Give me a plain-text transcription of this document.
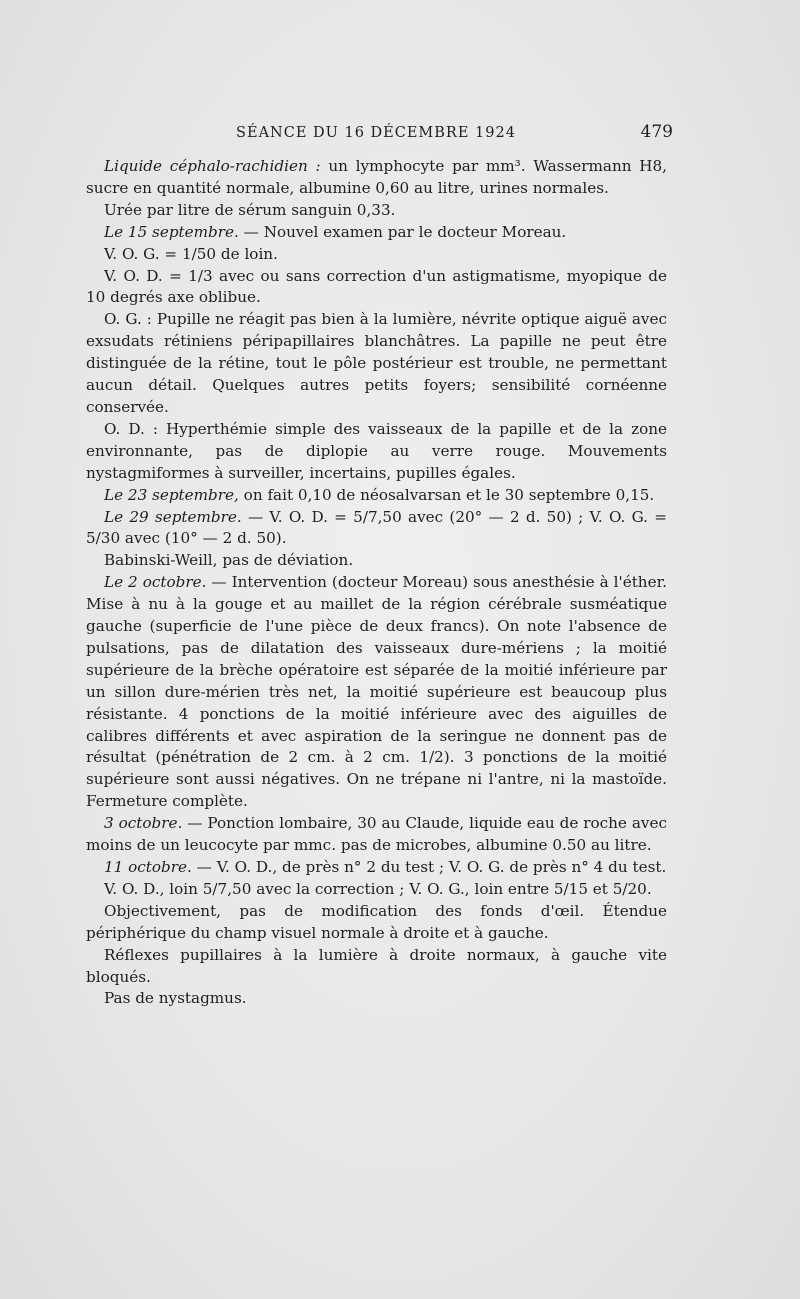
SÉANCE DU 16 DÉCEMBRE 1924	479

Liquide céphalo-rachidien : un lymphocyte par mm³. Wassermann H8, sucre en quantité normale, albumine 0,60 au litre, urines normales.

Urée par litre de sérum sanguin 0,33.

Le 15 septembre. — Nouvel examen par le docteur Moreau.

V. O. G. = 1/50 de loin.

V. O. D. = 1/3 avec ou sans correction d'un astigmatisme, myopique de 10 degrés axe oblibue.

O. G. : Pupille ne réagit pas bien à la lumière, névrite optique aiguë avec exsudats rétiniens péripapillaires blanchâtres. La papille ne peut être distinguée de la rétine, tout le pôle postérieur est trouble, ne permettant aucun détail. Quelques autres petits foyers; sensibilité cornéenne conservée.

O. D. : Hyperthémie simple des vaisseaux de la papille et de la zone environnante, pas de diplopie au verre rouge. Mouvements nystagmiformes à surveiller, incertains, pupilles égales.

Le 23 septembre, on fait 0,10 de néosalvarsan et le 30 septembre 0,15.

Le 29 septembre. — V. O. D. = 5/7,50 avec (20° — 2 d. 50) ; V. O. G. = 5/30 avec (10° — 2 d. 50).

Babinski-Weill, pas de déviation.

Le 2 octobre. — Intervention (docteur Moreau) sous anesthésie à l'éther. Mise à nu à la gouge et au maillet de la région cérébrale susméatique gauche (superficie de l'une pièce de deux francs). On note l'absence de pulsations, pas de dilatation des vaisseaux dure-mériens ; la moitié supérieure de la brèche opératoire est séparée de la moitié inférieure par un sillon dure-mérien très net, la moitié supérieure est beaucoup plus résistante. 4 ponctions de la moitié inférieure avec des aiguilles de calibres différents et avec aspiration de la seringue ne donnent pas de résultat (pénétration de 2 cm. à 2 cm. 1/2). 3 ponctions de la moitié supérieure sont aussi négatives. On ne trépane ni l'antre, ni la mastoïde. Fermeture complète.

3 octobre. — Ponction lombaire, 30 au Claude, liquide eau de roche avec moins de un leucocyte par mmc. pas de microbes, albumine 0.50 au litre.

11 octobre. — V. O. D., de près n° 2 du test ; V. O. G. de près n° 4 du test.

V. O. D., loin 5/7,50 avec la correction ; V. O. G., loin entre 5/15 et 5/20.

Objectivement, pas de modification des fonds d'œil. Étendue périphérique du champ visuel normale à droite et à gauche.

Réflexes pupillaires à la lumière à droite normaux, à gauche vite bloqués.

Pas de nystagmus.
